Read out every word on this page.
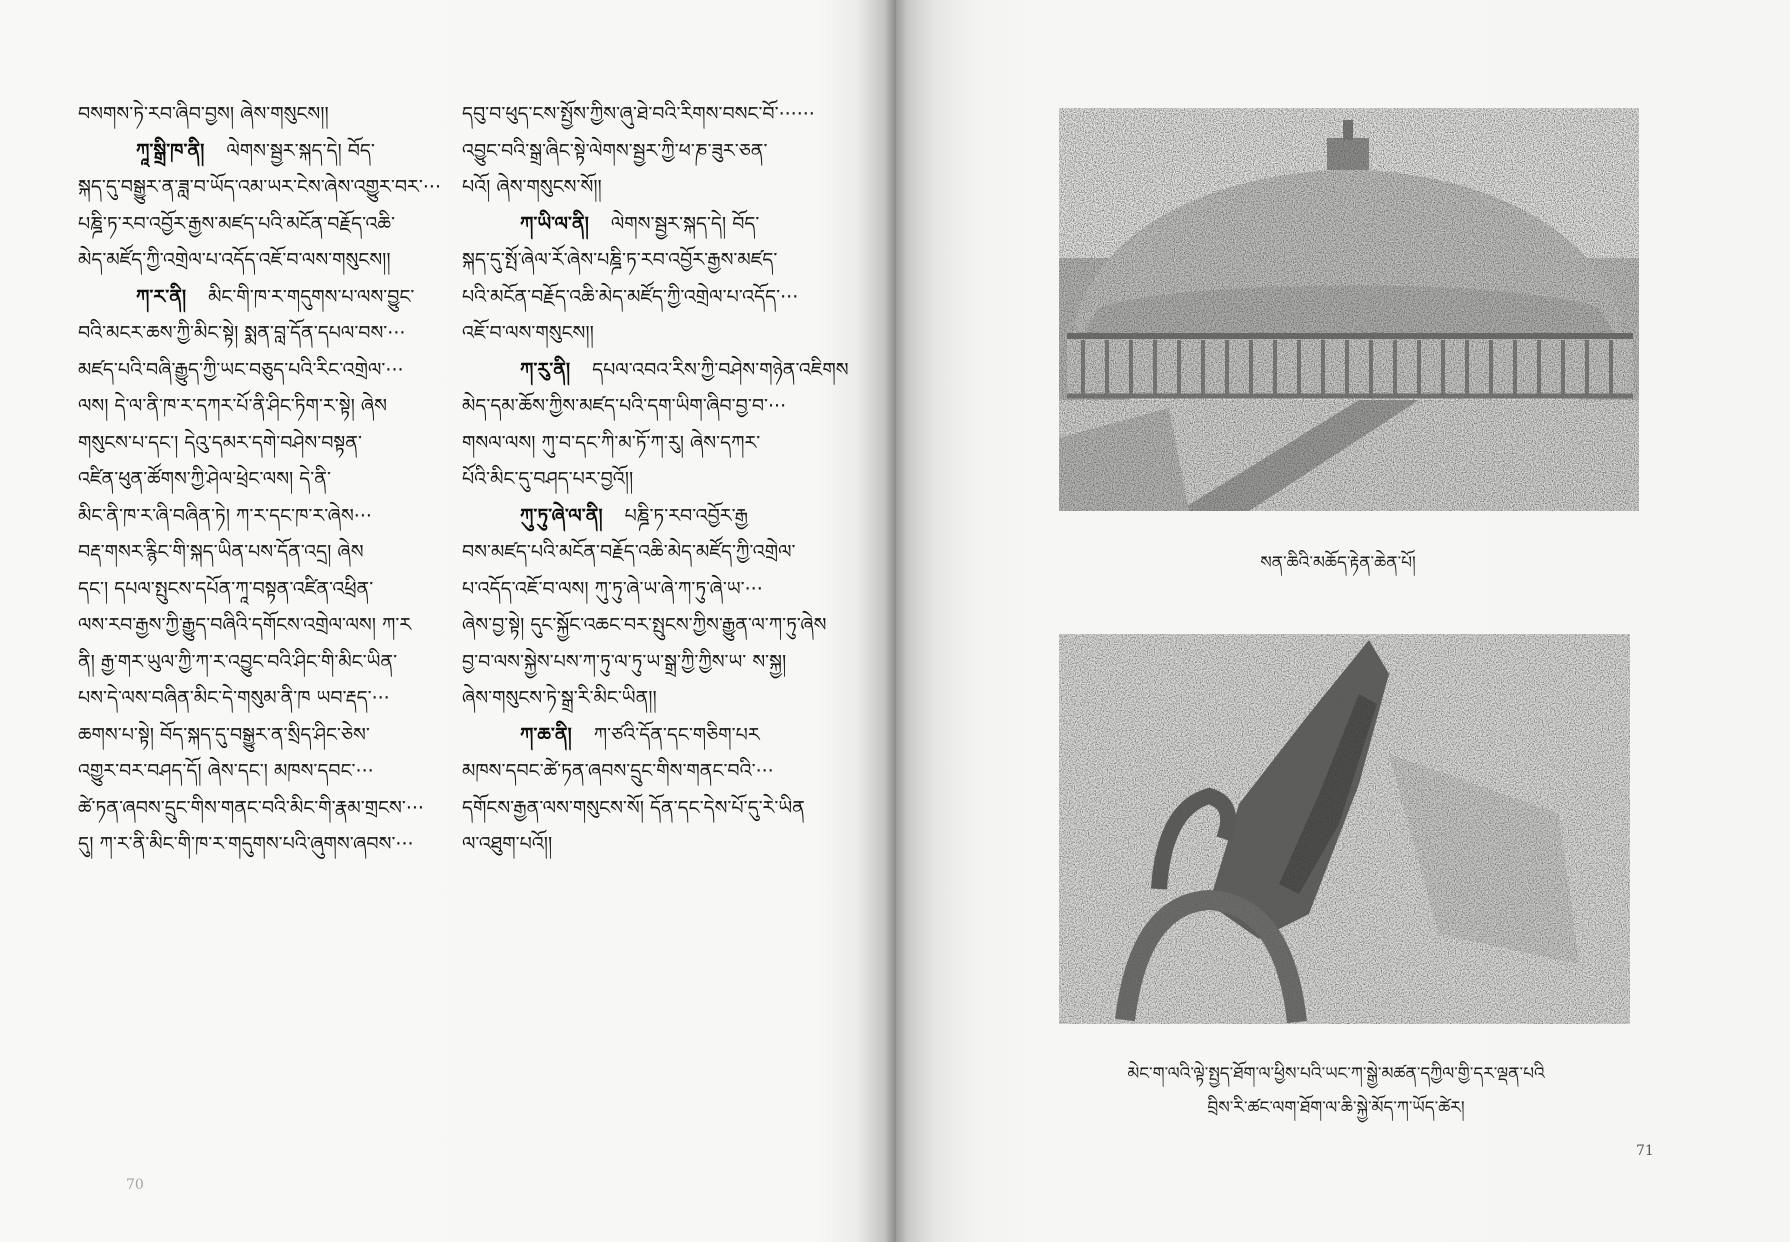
བསགས་ཏེ་རབ་ཞིབ་བྱས། ཞེས་གསུངས།།
ཀཱ་སྒྲི་ཁ་ནི། ལེགས་སྦྱར་སྐད་དེ། བོད་
སྐད་དུ་བསྒྱུར་ན་ཟླ་བ་ཡོད་འམ་ཡར་ངེས་ཞེས་འགྱུར་བར་···
པཎྜི་ཏ་རབ་འབྱོར་རྒྱས་མཛད་པའི་མངོན་བརྗོད་འཆི་
མེད་མཛོད་ཀྱི་འགྲེལ་པ་འདོད་འཇོ་བ་ལས་གསུངས།།
ཀ་ར་ནི། མིང་གི་ཁ་ར་གདུགས་པ་ལས་བྱུང་
བའི་མངར་ཆས་ཀྱི་མིང་སྟེ། སྨན་བླ་དོན་དཔལ་བས་···
མཛད་པའི་བཞི་རྒྱུད་ཀྱི་ཡང་བཅུད་པའི་རིང་འགྲེལ་···
ལས། དེ་ལ་ནི་ཁ་ར་དཀར་པོ་ནི་ཤིང་ཏིག་ར་སྟེ། ཞེས
གསུངས་པ་དང་། དེའུ་དམར་དགེ་བཤེས་བསྟན་
འཛིན་ཕུན་ཚོགས་ཀྱི་ཤེལ་ཕྲེང་ལས། དེ་ནི་
མིང་ནི་ཁ་ར་ཞི་བཞིན་ཏེ། ཀ་ར་དང་ཁ་ར་ཞེས···
བརྡ་གསར་རྙིང་གི་སྐད་ཡིན་པས་དོན་འདྲ། ཞེས
དང་། དཔལ་སྤུངས་དཔོན་ཀཱ་བསྟན་འཛིན་འཕྲིན་
ལས་རབ་རྒྱས་ཀྱི་རྒྱུད་བཞིའི་དགོངས་འགྲེལ་ལས། ཀ་ར
ནི། རྒྱ་གར་ཡུལ་ཀྱི་ཀ་ར་འབྱུང་བའི་ཤིང་གི་མིང་ཡིན་
པས་དེ་ལས་བཞིན་མིང་དེ་གསུམ་ནི་ཁ ཡབ་རྡད་···
ཆགས་པ་སྟེ། བོད་སྐད་དུ་བསྒྱུར་ན་སྲིད་ཤིང་ཅེས་
འགྱུར་བར་བཤད་དོ། ཞེས་དང་། མཁས་དབང་···
ཚེ་ཏན་ཞབས་དྲུང་གིས་གནང་བའི་མིང་གི་རྣམ་གྲངས་···
དུ། ཀ་ར་ནི་མིང་གི་ཁ་ར་གདུགས་པའི་ཞུགས་ཞབས་···
དབུ་བ་ཕུད་ངས་སྤྱོས་ཀྱིས་ཞུ་ཐེ་བའི་རིགས་བསང་བོ་······
འབྱུང་བའི་སྒྲ་ཞིང་སྟེ་ལེགས་སྦྱར་ཀྱི་ཕ་ཎ་ཟུར་ཅན་
པའོ། ཞེས་གསུངས་སོ།།
ཀ་ཡི་ལ་ནི། ལེགས་སྦྱར་སྐད་དེ། བོད་
སྐད་དུ་སྤོ་ཞེལ་རོ་ཞེས་པཎྜི་ཏ་རབ་འབྱོར་རྒྱས་མཛད་
པའི་མངོན་བརྗོད་འཆི་མེད་མཛོད་ཀྱི་འགྲེལ་པ་འདོད་···
འཇོ་བ་ལས་གསུངས།།
ཀ་རུ་ནི། དཔལ་འབའ་རིས་ཀྱི་བཤེས་གཉེན་འཇིགས
མེད་དམ་ཆོས་ཀྱིས་མཛད་པའི་དག་ཡིག་ཞིབ་བྱ་བ་···
གསལ་ལས། ཀུ་བ་དང་ཀི་མ་ཏོ་ཀ་རུ། ཞེས་དཀར་
པོའི་མིང་དུ་བཤད་པར་བྱའོ།།
ཀུ་ཏུ་ཞེ་ལ་ནི། པཎྜི་ཏ་རབ་འབྱོར་རྒྱ
བས་མཛད་པའི་མངོན་བརྗོད་འཆི་མེད་མཛོད་ཀྱི་འགྲེལ་
པ་འདོད་འཇོ་བ་ལས། ཀུ་ཏུ་ཞེ་ཡ་ཞེ་ཀ་ཏུ་ཞེ་ཡ་···
ཞེས་བྱ་སྟེ། དུང་སྐྱོང་འཆང་བར་སྤུངས་ཀྱིས་རྒྱུན་ལ་ཀ་ཏུ་ཞེས
བྱ་བ་ལས་སྐྱེས་པས་ཀ་ཏུ་ལ་ཏུ་ཡ་སྒྲ་ཀྱི་ཀྱིས་ཡ་ ས་སྐྱ།
ཞེས་གསུངས་ཏེ་སྒྲ་རི་མིང་ཡིན།།
ཀ་ཆ་ནི། ཀ་ཙའི་དོན་དང་གཅིག་པར
མཁས་དབང་ཚེ་ཏན་ཞབས་དྲུང་གིས་གནང་བའི་···
དགོངས་རྒྱན་ལས་གསུངས་སོ། དོན་དང་དེས་པོ་དུ་རེ་ཡིན
ལ་འཐུག་པའོ།།
70
སན་ཆིའི་མཆོད་རྟེན་ཆེན་པོ།
མེང་ག་ལའི་ལྟེ་སྤྱད་ཐོག་ལ་ཕྱིས་པའི་ཡང་ཀ་སྒྱེ་མཚན་དཀྱིལ་གྱི་དར་ལྡན་པའི
བྲིས་རི་ཚང་ལག་ཐོག་ལ་ཆི་སྐྱེ་མོད་ཀ་ཡོད་ཚེར།
71
